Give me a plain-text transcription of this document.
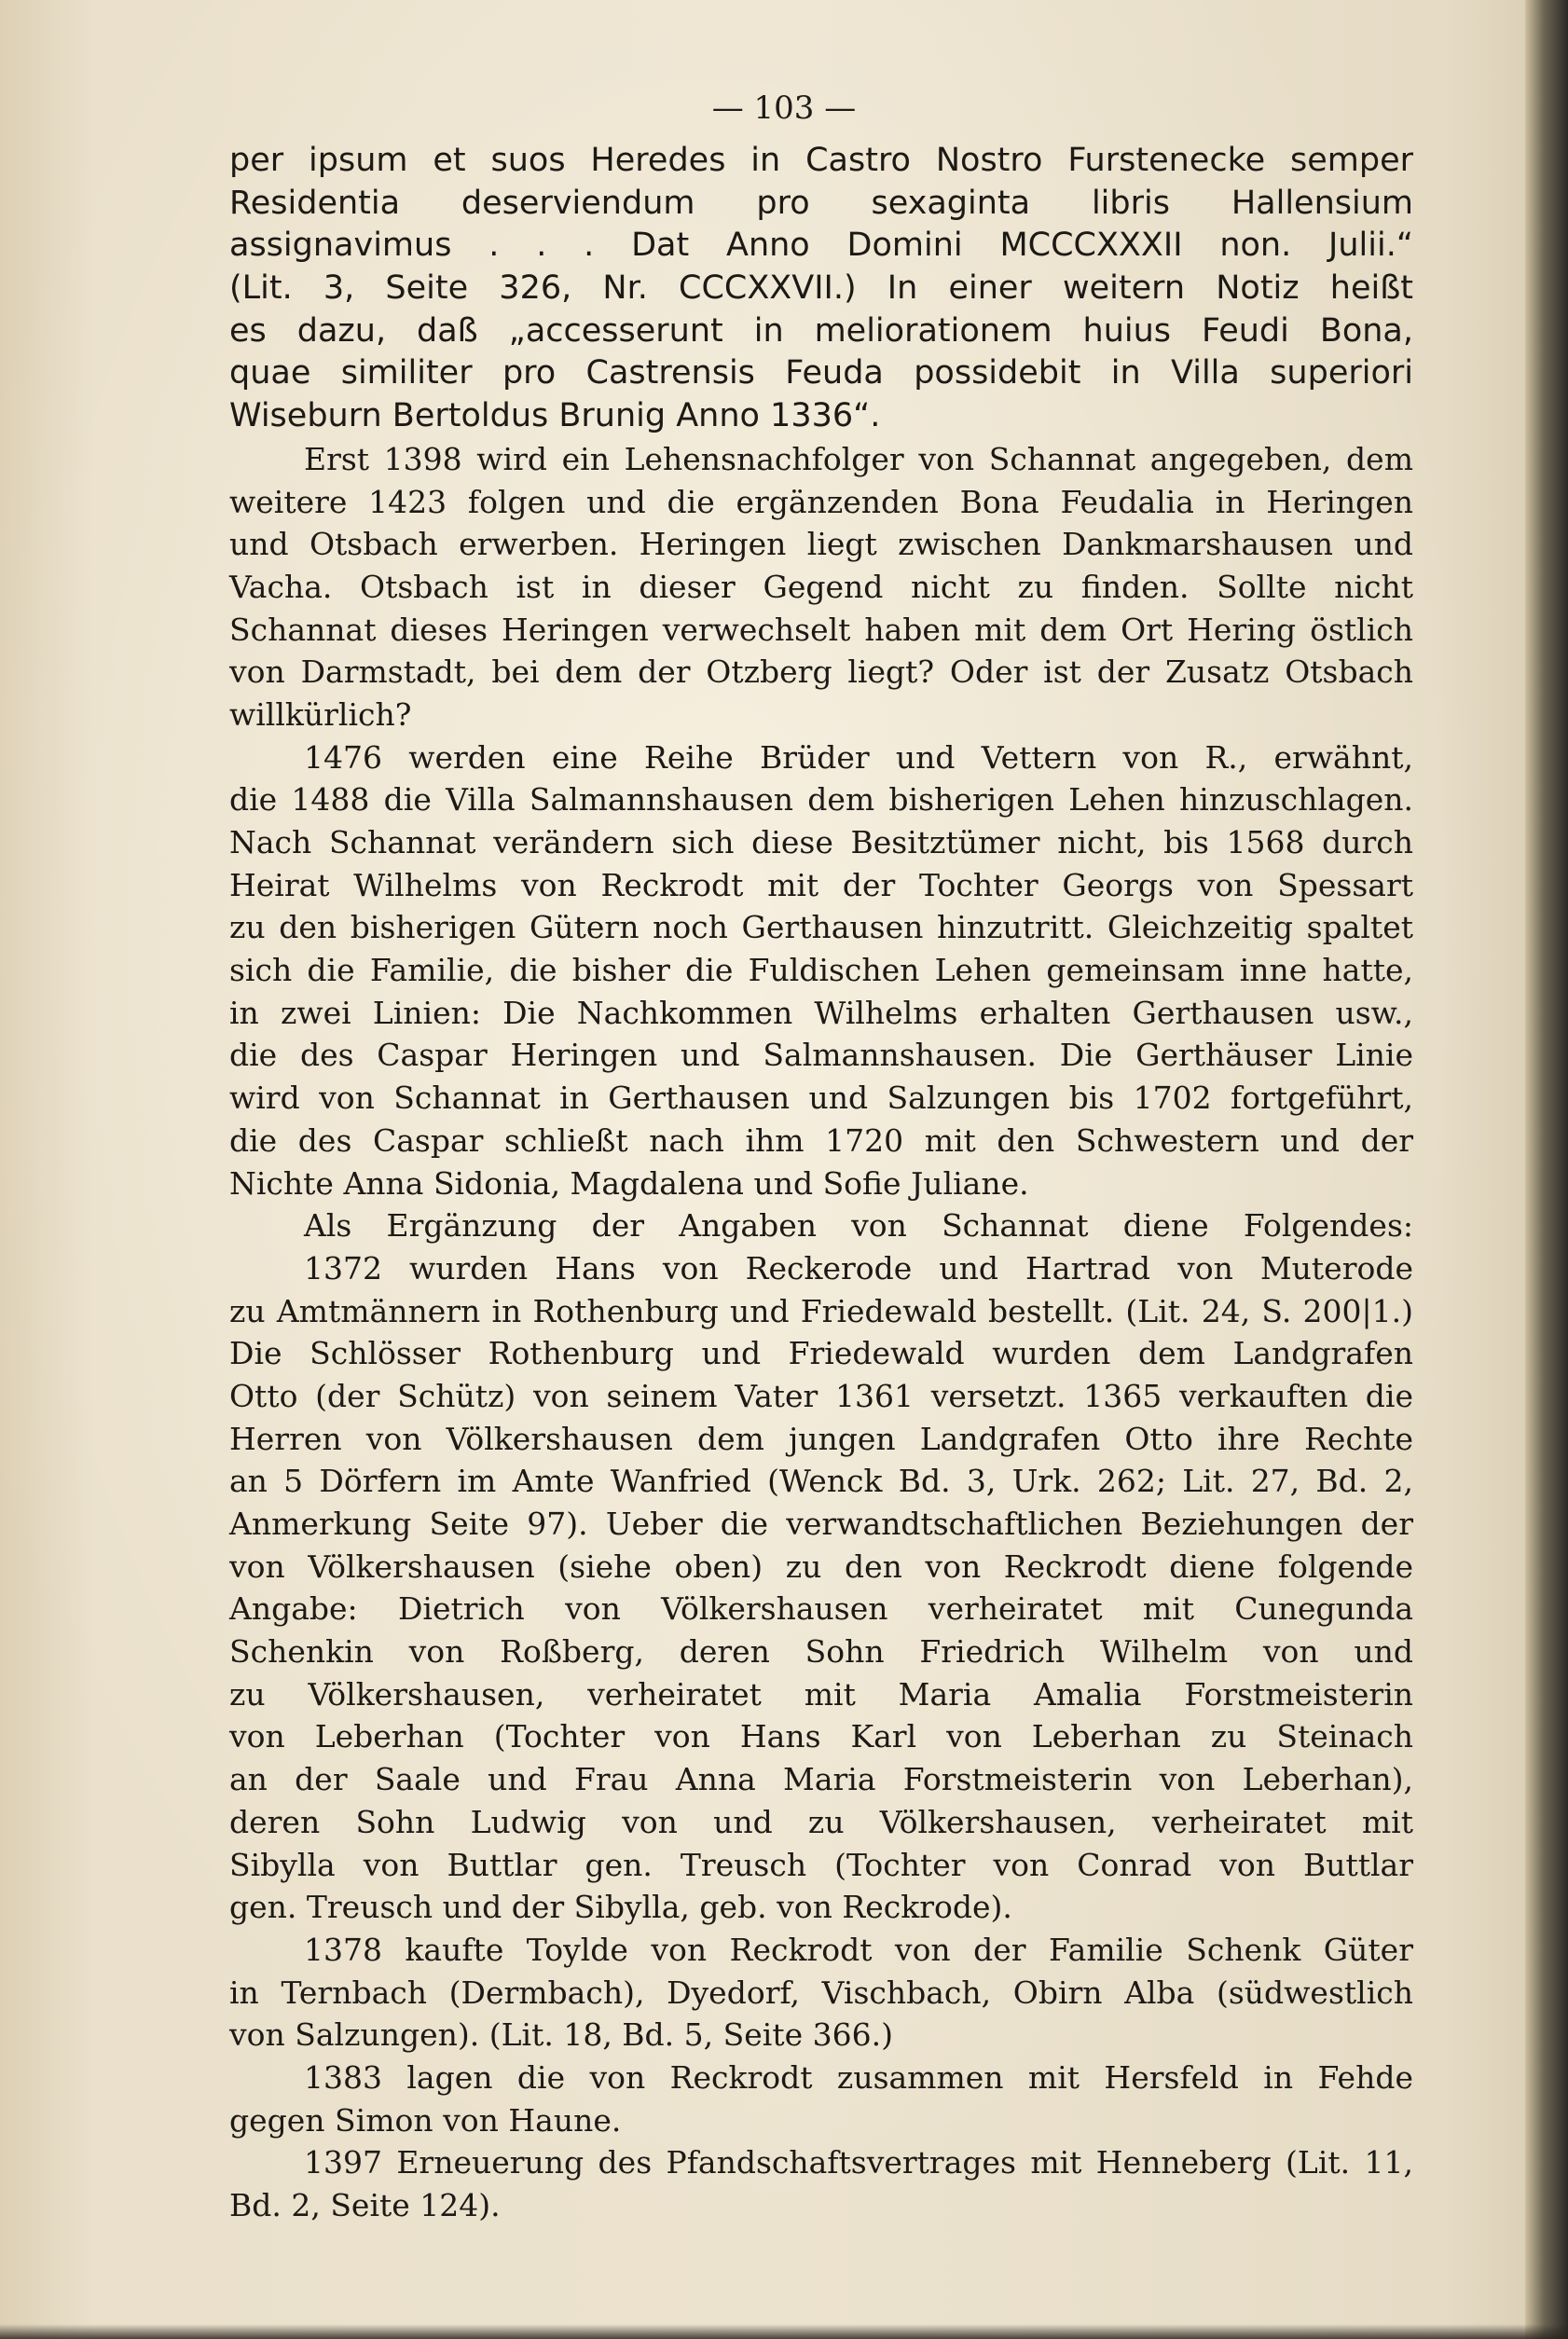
— 103 —
per ipsum et suos Heredes in Castro Nostro Furstenecke semper
Residentia deserviendum pro sexaginta libris Hallensium
assignavimus . . . Dat Anno Domini MCCCXXXII non. Julii.“
(Lit. 3, Seite 326, Nr. CCCXXVII.) In einer weitern Notiz heißt
es dazu, daß „accesserunt in meliorationem huius Feudi Bona,
quae similiter pro Castrensis Feuda possidebit in Villa superiori
Wiseburn Bertoldus Brunig Anno 1336“.
Erst 1398 wird ein Lehensnachfolger von Schannat angegeben, dem
weitere 1423 folgen und die ergänzenden Bona Feudalia in Heringen
und Otsbach erwerben. Heringen liegt zwischen Dankmarshausen und
Vacha. Otsbach ist in dieser Gegend nicht zu finden. Sollte nicht
Schannat dieses Heringen verwechselt haben mit dem Ort Hering östlich
von Darmstadt, bei dem der Otzberg liegt? Oder ist der Zusatz Otsbach
willkürlich?
1476 werden eine Reihe Brüder und Vettern von R., erwähnt,
die 1488 die Villa Salmannshausen dem bisherigen Lehen hinzuschlagen.
Nach Schannat verändern sich diese Besitztümer nicht, bis 1568 durch
Heirat Wilhelms von Reckrodt mit der Tochter Georgs von Spessart
zu den bisherigen Gütern noch Gerthausen hinzutritt. Gleichzeitig spaltet
sich die Familie, die bisher die Fuldischen Lehen gemeinsam inne hatte,
in zwei Linien: Die Nachkommen Wilhelms erhalten Gerthausen usw.,
die des Caspar Heringen und Salmannshausen. Die Gerthäuser Linie
wird von Schannat in Gerthausen und Salzungen bis 1702 fortgeführt,
die des Caspar schließt nach ihm 1720 mit den Schwestern und der
Nichte Anna Sidonia, Magdalena und Sofie Juliane.
Als Ergänzung der Angaben von Schannat diene Folgendes:
1372 wurden Hans von Reckerode und Hartrad von Muterode
zu Amtmännern in Rothenburg und Friedewald bestellt. (Lit. 24, S. 200|1.)
Die Schlösser Rothenburg und Friedewald wurden dem Landgrafen
Otto (der Schütz) von seinem Vater 1361 versetzt. 1365 verkauften die
Herren von Völkershausen dem jungen Landgrafen Otto ihre Rechte
an 5 Dörfern im Amte Wanfried (Wenck Bd. 3, Urk. 262; Lit. 27, Bd. 2,
Anmerkung Seite 97). Ueber die verwandtschaftlichen Beziehungen der
von Völkershausen (siehe oben) zu den von Reckrodt diene folgende
Angabe: Dietrich von Völkershausen verheiratet mit Cunegunda
Schenkin von Roßberg, deren Sohn Friedrich Wilhelm von und
zu Völkershausen, verheiratet mit Maria Amalia Forstmeisterin
von Leberhan (Tochter von Hans Karl von Leberhan zu Steinach
an der Saale und Frau Anna Maria Forstmeisterin von Leberhan),
deren Sohn Ludwig von und zu Völkershausen, verheiratet mit
Sibylla von Buttlar gen. Treusch (Tochter von Conrad von Buttlar
gen. Treusch und der Sibylla, geb. von Reckrode).
1378 kaufte Toylde von Reckrodt von der Familie Schenk Güter
in Ternbach (Dermbach), Dyedorf, Vischbach, Obirn Alba (südwestlich
von Salzungen). (Lit. 18, Bd. 5, Seite 366.)
1383 lagen die von Reckrodt zusammen mit Hersfeld in Fehde
gegen Simon von Haune.
1397 Erneuerung des Pfandschaftsvertrages mit Henneberg (Lit. 11,
Bd. 2, Seite 124).
